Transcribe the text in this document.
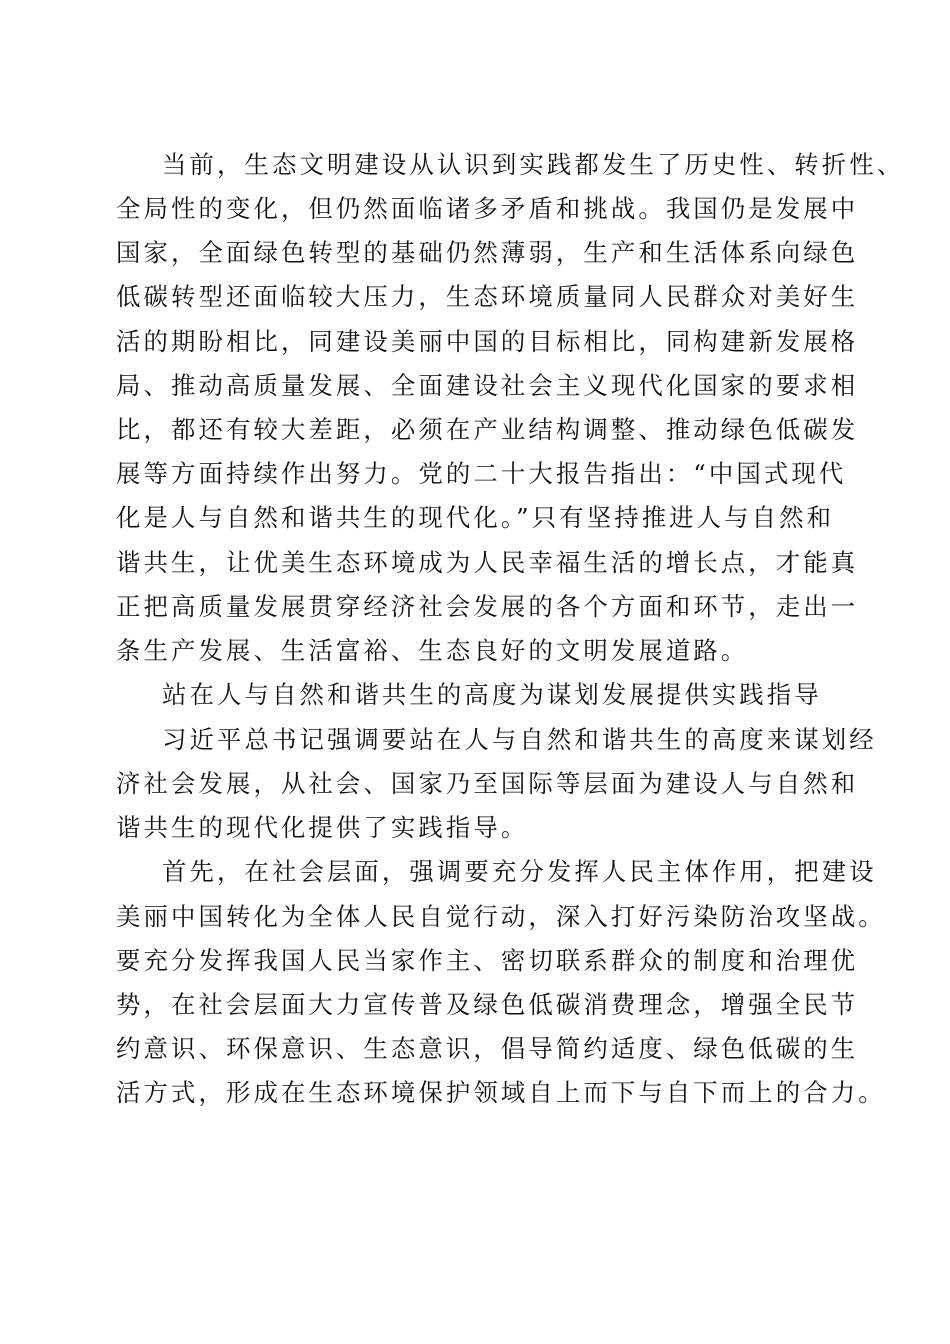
当前，生态文明建设从认识到实践都发生了历史性、转折性、
全局性的变化，但仍然面临诸多矛盾和挑战。我国仍是发展中
国家，全面绿色转型的基础仍然薄弱，生产和生活体系向绿色
低碳转型还面临较大压力，生态环境质量同人民群众对美好生
活的期盼相比，同建设美丽中国的目标相比，同构建新发展格
局、推动高质量发展、全面建设社会主义现代化国家的要求相
比，都还有较大差距，必须在产业结构调整、推动绿色低碳发
展等方面持续作出努力。党的二十大报告指出：“中国式现代
化是人与自然和谐共生的现代化。”只有坚持推进人与自然和
谐共生，让优美生态环境成为人民幸福生活的增长点，才能真
正把高质量发展贯穿经济社会发展的各个方面和环节，走出一
条生产发展、生活富裕、生态良好的文明发展道路。
站在人与自然和谐共生的高度为谋划发展提供实践指导
习近平总书记强调要站在人与自然和谐共生的高度来谋划经
济社会发展，从社会、国家乃至国际等层面为建设人与自然和
谐共生的现代化提供了实践指导。
首先，在社会层面，强调要充分发挥人民主体作用，把建设
美丽中国转化为全体人民自觉行动，深入打好污染防治攻坚战。
要充分发挥我国人民当家作主、密切联系群众的制度和治理优
势，在社会层面大力宣传普及绿色低碳消费理念，增强全民节
约意识、环保意识、生态意识，倡导简约适度、绿色低碳的生
活方式，形成在生态环境保护领域自上而下与自下而上的合力。
